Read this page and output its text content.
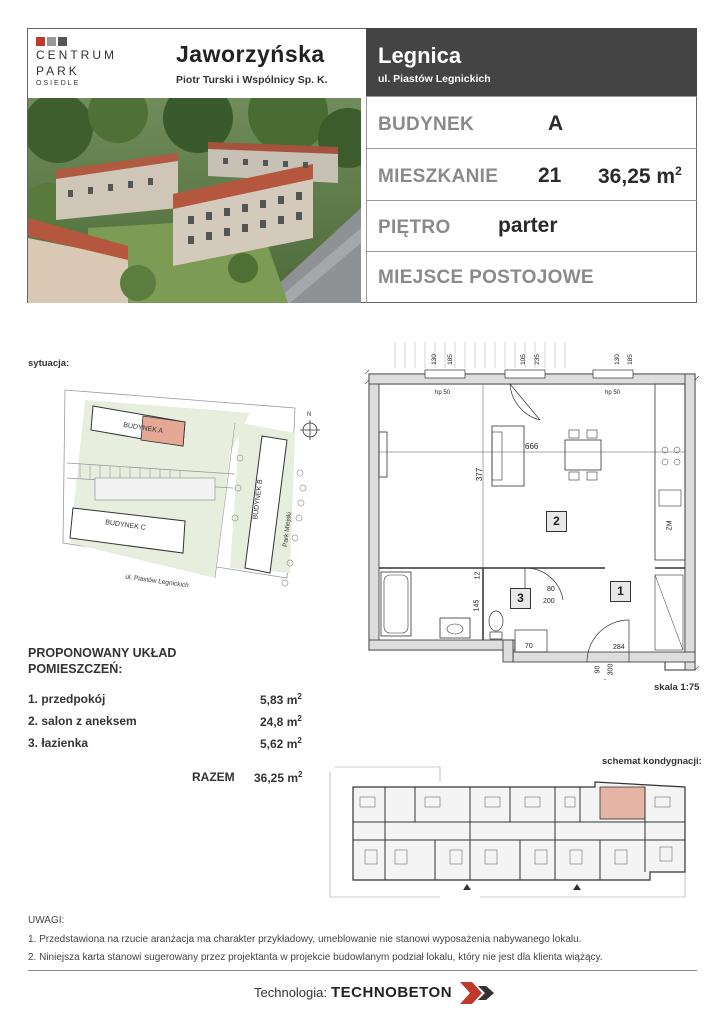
CENTRUM
PARK
OSIEDLE
Jaworzyńska
Piotr Turski i Wspólnicy Sp. K.
Legnica
ul. Piastów Legnickich
BUDYNEK	A
MIESZKANIE 21 36,25 $m^2$
PIĘTRO parter
MIEJSCE POSTOJOWE
sytuacja:
BUDYNEK A
BUDYNEK C
BUDYNEK B
Park Miejski
ul. Piastów Legnickich
N
PROPONOWANY UKŁAD
POMIESZCZEŃ:
1. przedpokój	5,83 $m^2$
2. salon z aneksem	24,8 $m^2$
3. łazienka	5,62 $m^2$
RAZEM 36,25 $m^2$
2
1
3
666
377
80
200
145
12
284
70
90 300
130 185	105 235	130 185
hp 50	hp 50
ZM
skala 1:75
schemat kondygnacji:
UWAGI:
1. Przedstawiona na rzucie aranżacja ma charakter przykładowy, umeblowanie nie stanowi wyposażenia nabywanego lokalu.
2. Niniejsza karta stanowi sugerowany przez projektanta w projekcie budowlanym podział lokalu, który nie jest dla klienta wiążący.
Technologia: TECHNOBETON
